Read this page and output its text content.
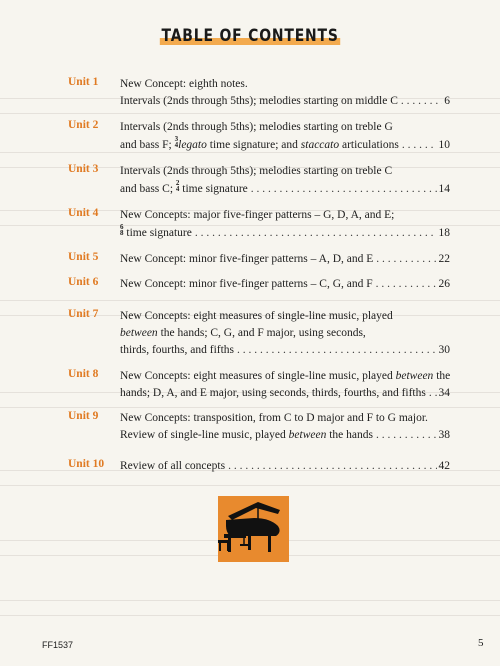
TABLE OF CONTENTS
Unit 1	New Concept: eighth notes.
Intervals (2nds through 5ths); melodies starting on middle C . . .	6
Unit 2	Intervals (2nds through 5ths); melodies starting on treble G
and bass F; 3
4legato time signature; and staccato articulations . . .	10
Unit 3	Intervals (2nds through 5ths); melodies starting on treble C
and bass C; 2
4 time signature . . .	14
Unit 4	New Concepts: major five-finger patterns – G, D, A, and E;
6
8 time signature . . .	18
Unit 5	New Concept: minor five-finger patterns – A, D, and E . . .	22
Unit 6	New Concept: minor five-finger patterns – C, G, and F . . .	26
Unit 7	New Concepts: eight measures of single-line music, played
between the hands; C, G, and F major, using seconds,
thirds, fourths, and fifths . . .	30
Unit 8	New Concepts: eight measures of single-line music, played between the
hands; D, A, and E major, using seconds, thirds, fourths, and fifths . . . 34
Unit 9	New Concepts: transposition, from C to D major and F to G major.
Review of single-line music, played between the hands . . .	38
Unit 10	Review of all concepts . . .	42
FF1537	5
